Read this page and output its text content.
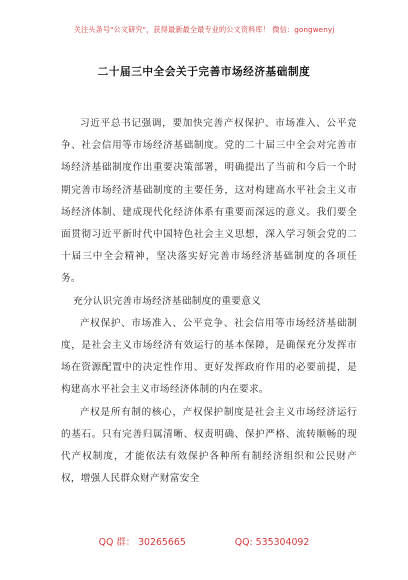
关注头条号"公文研究"，获得最新最全最专业的公文资料库！ 微信：gongwenyj
二十届三中全会关于完善市场经济基础制度

习近平总书记强调，要加快完善产权保护、市场准入、公平竞争、社会信用等市场经济基础制度。党的二十届三中全会对完善市场经济基础制度作出重要决策部署，明确提出了当前和今后一个时期完善市场经济基础制度的主要任务，这对构建高水平社会主义市场经济体制、建成现代化经济体系有重要而深远的意义。我们要全面贯彻习近平新时代中国特色社会主义思想，深入学习领会党的二十届三中全会精神，坚决落实好完善市场经济基础制度的各项任务。

充分认识完善市场经济基础制度的重要意义

产权保护、市场准入、公平竞争、社会信用等市场经济基础制度，是社会主义市场经济有效运行的基本保障，是确保充分发挥市场在资源配置中的决定性作用、更好发挥政府作用的必要前提，是构建高水平社会主义市场经济体制的内在要求。

产权是所有制的核心，产权保护制度是社会主义市场经济运行的基石。只有完善归属清晰、权责明确、保护严格、流转顺畅的现代产权制度，才能依法有效保护各种所有制经济组织和公民财产权，增强人民群众财产财富安全

QQ 群： 30265665	QQ: 535304092
